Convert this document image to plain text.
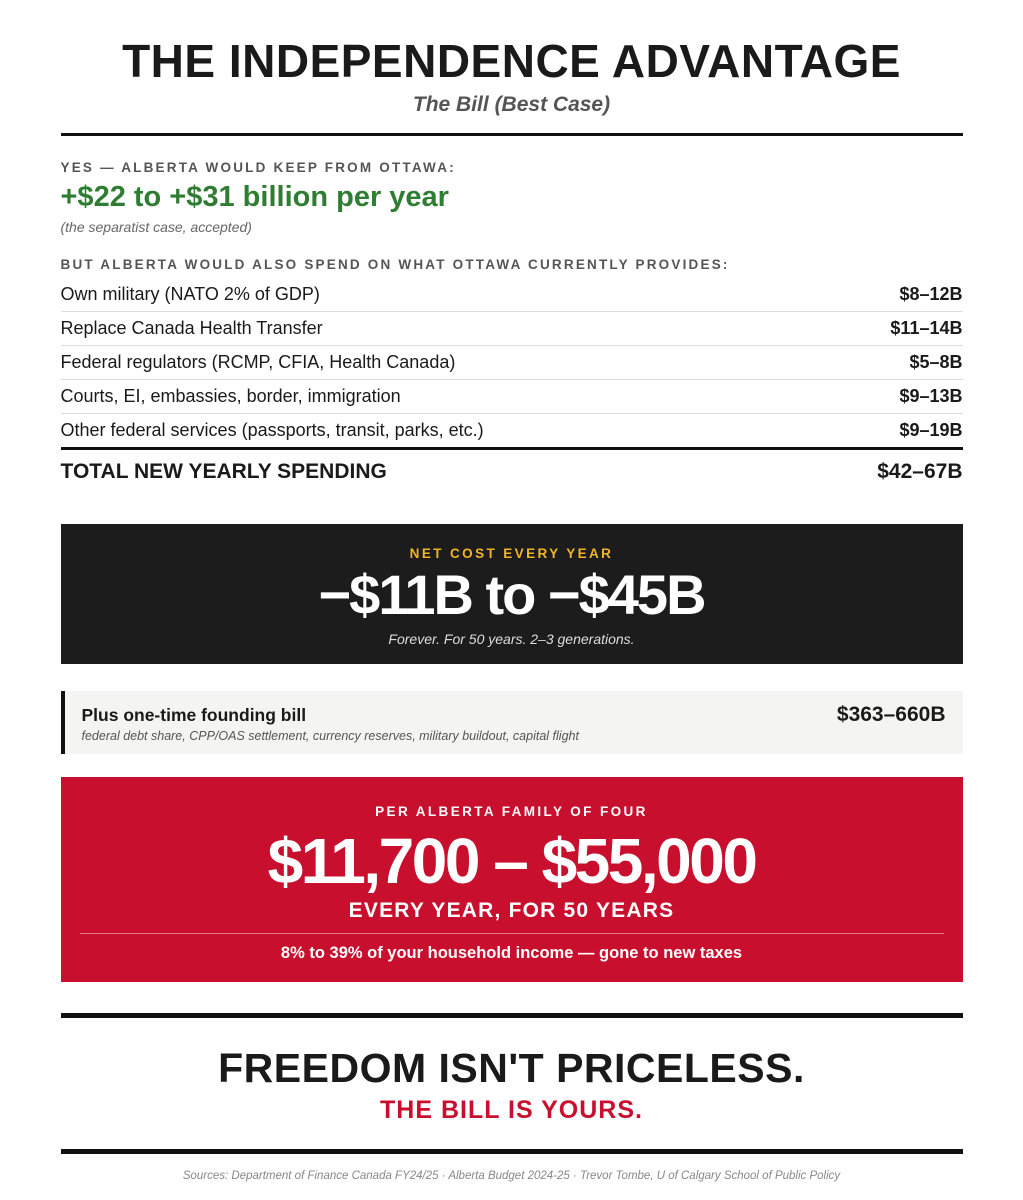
THE INDEPENDENCE ADVANTAGE
The Bill (Best Case)
YES — ALBERTA WOULD KEEP FROM OTTAWA:
+$22 to +$31 billion per year
(the separatist case, accepted)
BUT ALBERTA WOULD ALSO SPEND ON WHAT OTTAWA CURRENTLY PROVIDES:
Own military (NATO 2% of GDP)	$8–12B
Replace Canada Health Transfer	$11–14B
Federal regulators (RCMP, CFIA, Health Canada)	$5–8B
Courts, EI, embassies, border, immigration	$9–13B
Other federal services (passports, transit, parks, etc.)	$9–19B
TOTAL NEW YEARLY SPENDING	$42–67B
NET COST EVERY YEAR
−$11B to −$45B
Forever. For 50 years. 2–3 generations.
Plus one-time founding bill
federal debt share, CPP/OAS settlement, currency reserves, military buildout, capital flight
$363–660B
PER ALBERTA FAMILY OF FOUR
$11,700 – $55,000
EVERY YEAR, FOR 50 YEARS
8% to 39% of your household income — gone to new taxes
FREEDOM ISN'T PRICELESS.
THE BILL IS YOURS.
Sources: Department of Finance Canada FY24/25 · Alberta Budget 2024-25 · Trevor Tombe, U of Calgary School of Public Policy
